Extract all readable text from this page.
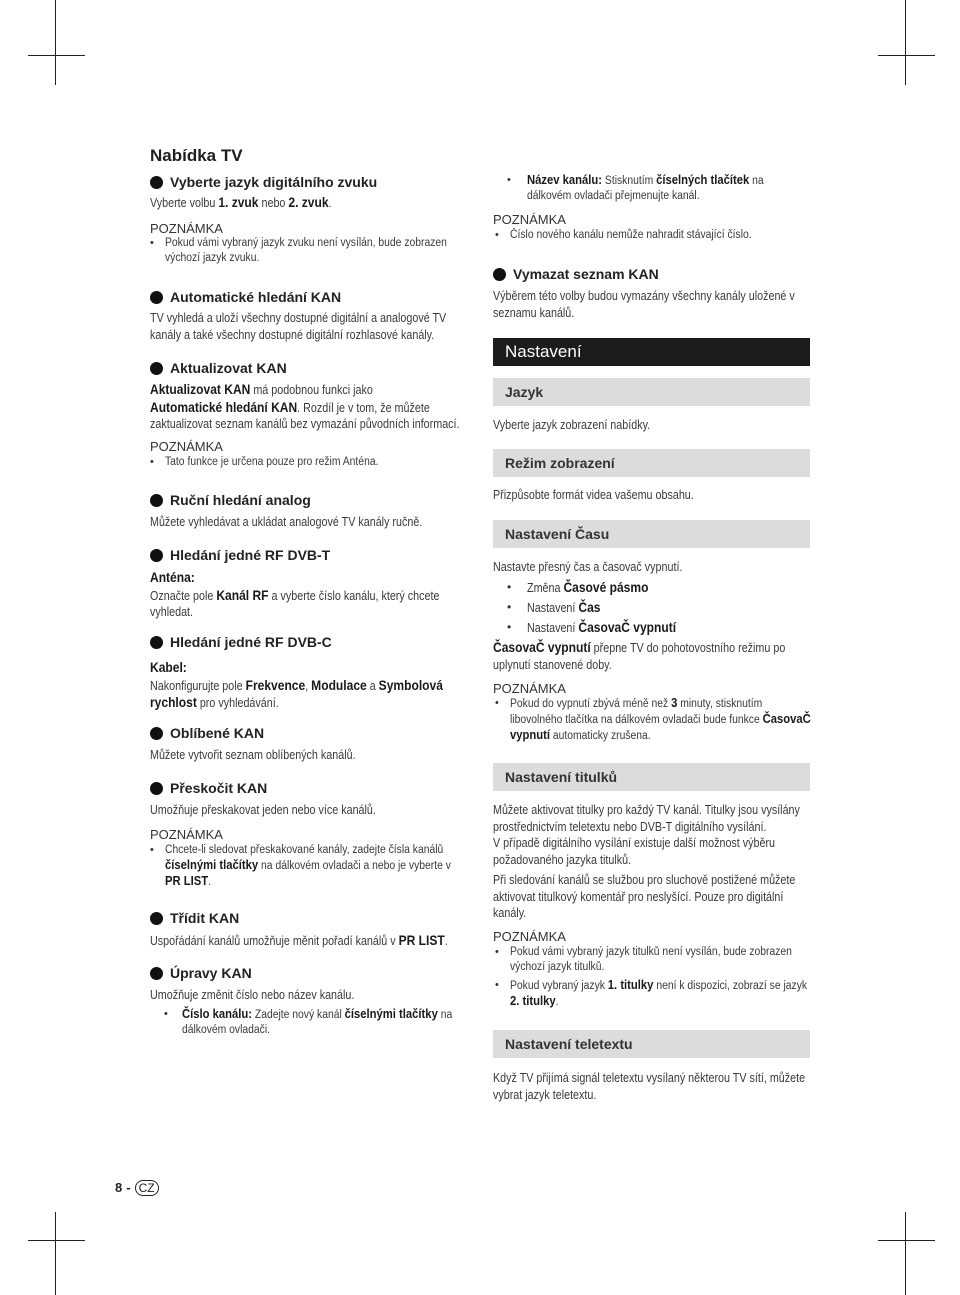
Nabídka TV
Vyberte jazyk digitálního zvuku
Vyberte volbu 1. zvuk nebo 2. zvuk.
POZNÁMKA
•
Pokud vámi vybraný jazyk zvuku není vysílán, bude zobrazen
výchozí jazyk zvuku.
Automatické hledání KAN
TV vyhledá a uloží všechny dostupné digitální a analogové TV
kanály a také všechny dostupné digitální rozhlasové kanály.
Aktualizovat KAN
Aktualizovat KAN má podobnou funkci jako
Automatické hledání KAN. Rozdíl je v tom, že můžete
zaktualizovat seznam kanálů bez vymazání původních informací.
POZNÁMKA
•
Tato funkce je určena pouze pro režim Anténa.
Ruční hledání analog
Můžete vyhledávat a ukládat analogové TV kanály ručně.
Hledání jedné RF DVB-T
Anténa:
Označte pole Kanál RF a vyberte číslo kanálu, který chcete
vyhledat.
Hledání jedné RF DVB-C
Kabel:
Nakonfigurujte pole Frekvence, Modulace a Symbolová
rychlost pro vyhledávání.
Oblíbené KAN
Můžete vytvořit seznam oblíbených kanálů.
Přeskočit KAN
Umožňuje přeskakovat jeden nebo více kanálů.
POZNÁMKA
•
Chcete-li sledovat přeskakované kanály, zadejte čísla kanálů
číselnými tlačítky na dálkovém ovladači a nebo je vyberte v
PR LIST.
Třídit KAN
Uspořádání kanálů umožňuje měnit pořadí kanálů v PR LIST.
Úpravy KAN
Umožňuje změnit číslo nebo název kanálu.
•
Číslo kanálu: Zadejte nový kanál číselnými tlačítky na
dálkovém ovladači.
•
Název kanálu: Stisknutím číselných tlačítek na
dálkovém ovladači přejmenujte kanál.
POZNÁMKA
•
Číslo nového kanálu nemůže nahradit stávající číslo.
Vymazat seznam KAN
Výběrem této volby budou vymazány všechny kanály uložené v
seznamu kanálů.
Nastavení
Jazyk
Vyberte jazyk zobrazení nabídky.
Režim zobrazení
Přizpůsobte formát videa vašemu obsahu.
Nastavení Času
Nastavte přesný čas a časovač vypnutí.
•
Změna Časové pásmo
•
Nastavení Čas
•
Nastavení ČasovaČ vypnutí
ČasovaČ vypnutí přepne TV do pohotovostního režimu po
uplynutí stanovené doby.
POZNÁMKA
•
Pokud do vypnutí zbývá méně než 3 minuty, stisknutím
libovolného tlačítka na dálkovém ovladači bude funkce ČasovaČ
vypnutí automaticky zrušena.
Nastavení titulků
Můžete aktivovat titulky pro každý TV kanál. Titulky jsou vysílány
prostřednictvím teletextu nebo DVB-T digitálního vysílání.
V případě digitálního vysílání existuje další možnost výběru
požadovaného jazyka titulků.
Při sledování kanálů se službou pro sluchově postižené můžete
aktivovat titulkový komentář pro neslyšící. Pouze pro digitální
kanály.
POZNÁMKA
•
Pokud vámi vybraný jazyk titulků není vysílán, bude zobrazen
výchozí jazyk titulků.
•
Pokud vybraný jazyk 1. titulky není k dispozici, zobrazí se jazyk
2. titulky.
Nastavení teletextu
Když TV přijímá signál teletextu vysílaný některou TV sítí, můžete
vybrat jazyk teletextu.
8 - CZ
